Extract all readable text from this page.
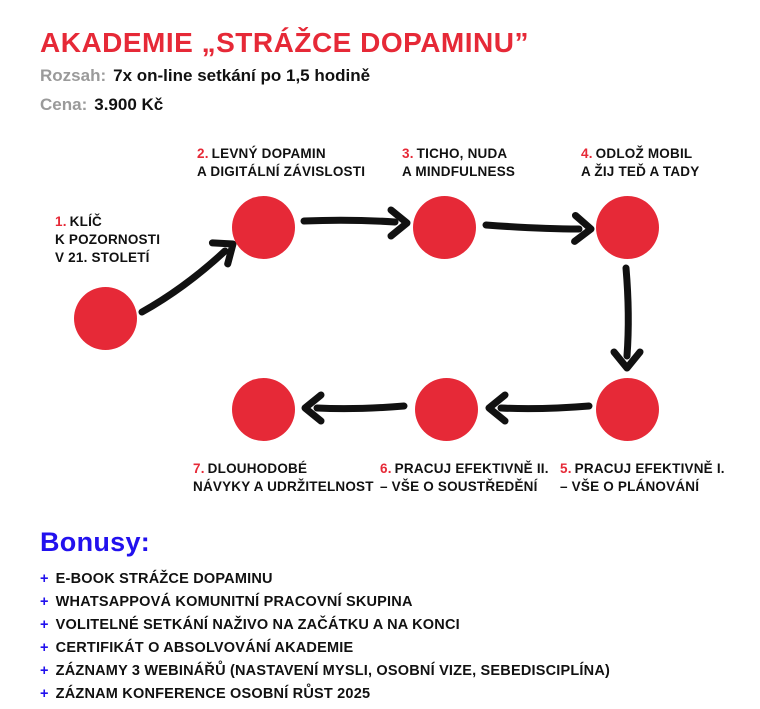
AKADEMIE „STRÁŽCE DOPAMINU”
Rozsah: 7x on-line setkání po 1,5 hodině
Cena: 3.900 Kč
1. KLÍČ
K POZORNOSTI
V 21. STOLETÍ
2. LEVNÝ DOPAMIN
A DIGITÁLNÍ ZÁVISLOSTI
3. TICHO, NUDA
A MINDFULNESS
4. ODLOŽ MOBIL
A ŽIJ TEĎ A TADY
5. PRACUJ EFEKTIVNĚ I.
– VŠE O PLÁNOVÁNÍ
6. PRACUJ EFEKTIVNĚ II.
– VŠE O SOUSTŘEDĚNÍ
7. DLOUHODOBÉ
NÁVYKY A UDRŽITELNOST
Bonusy:
+ E-BOOK STRÁŽCE DOPAMINU
+ WHATSAPPOVÁ KOMUNITNÍ PRACOVNÍ SKUPINA
+ VOLITELNÉ SETKÁNÍ NAŽIVO NA ZAČÁTKU A NA KONCI
+ CERTIFIKÁT O ABSOLVOVÁNÍ AKADEMIE
+ ZÁZNAMY 3 WEBINÁŘŮ (NASTAVENÍ MYSLI, OSOBNÍ VIZE, SEBEDISCIPLÍNA)
+ ZÁZNAM KONFERENCE OSOBNÍ RŮST 2025
